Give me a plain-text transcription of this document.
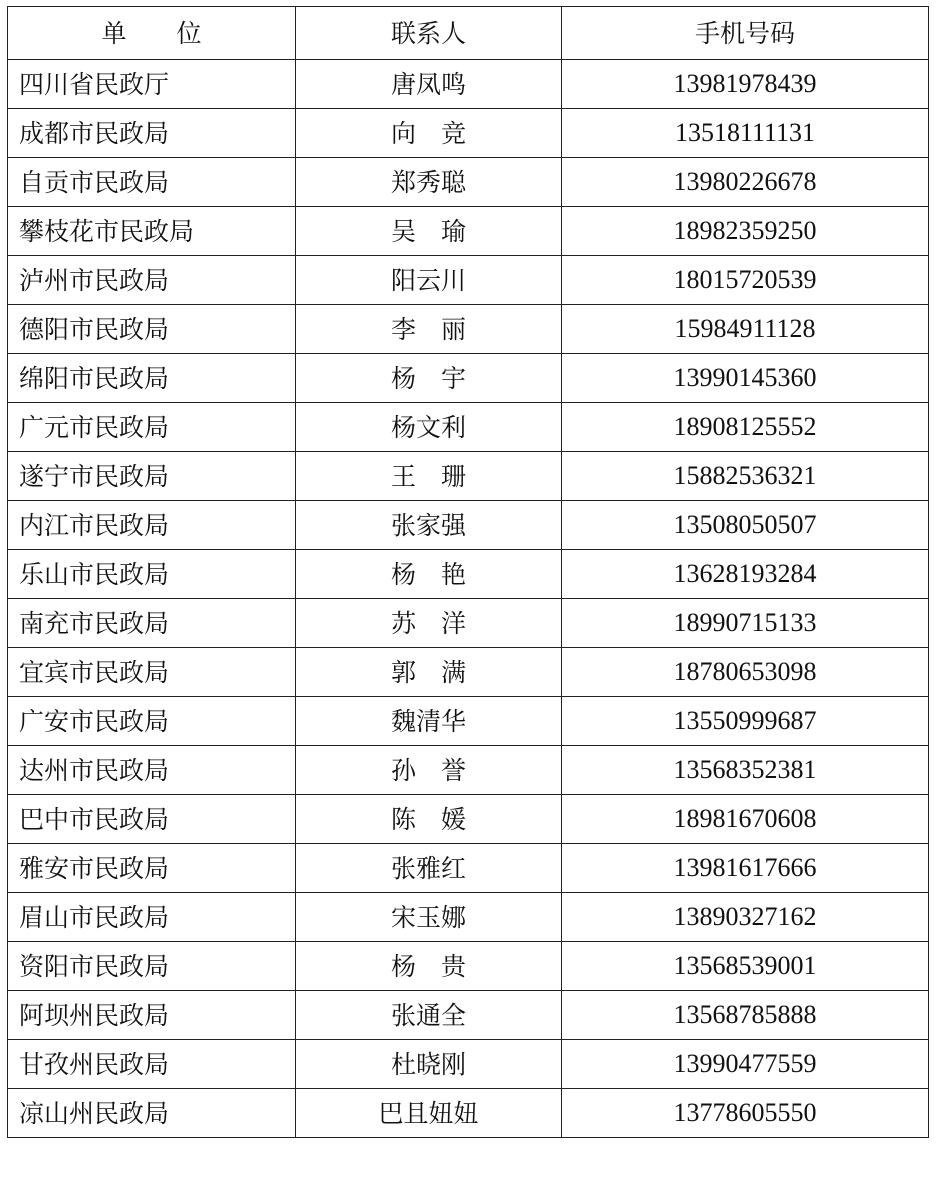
单　　位	联系人	手机号码
四川省民政厅	唐凤鸣	13981978439
成都市民政局	向　竞	13518111131
自贡市民政局	郑秀聪	13980226678
攀枝花市民政局	吴　瑜	18982359250
泸州市民政局	阳云川	18015720539
德阳市民政局	李　丽	15984911128
绵阳市民政局	杨　宇	13990145360
广元市民政局	杨文利	18908125552
遂宁市民政局	王　珊	15882536321
内江市民政局	张家强	13508050507
乐山市民政局	杨　艳	13628193284
南充市民政局	苏　洋	18990715133
宜宾市民政局	郭　满	18780653098
广安市民政局	魏清华	13550999687
达州市民政局	孙　誉	13568352381
巴中市民政局	陈　媛	18981670608
雅安市民政局	张雅红	13981617666
眉山市民政局	宋玉娜	13890327162
资阳市民政局	杨　贵	13568539001
阿坝州民政局	张通全	13568785888
甘孜州民政局	杜晓刚	13990477559
凉山州民政局	巴且妞妞	13778605550
